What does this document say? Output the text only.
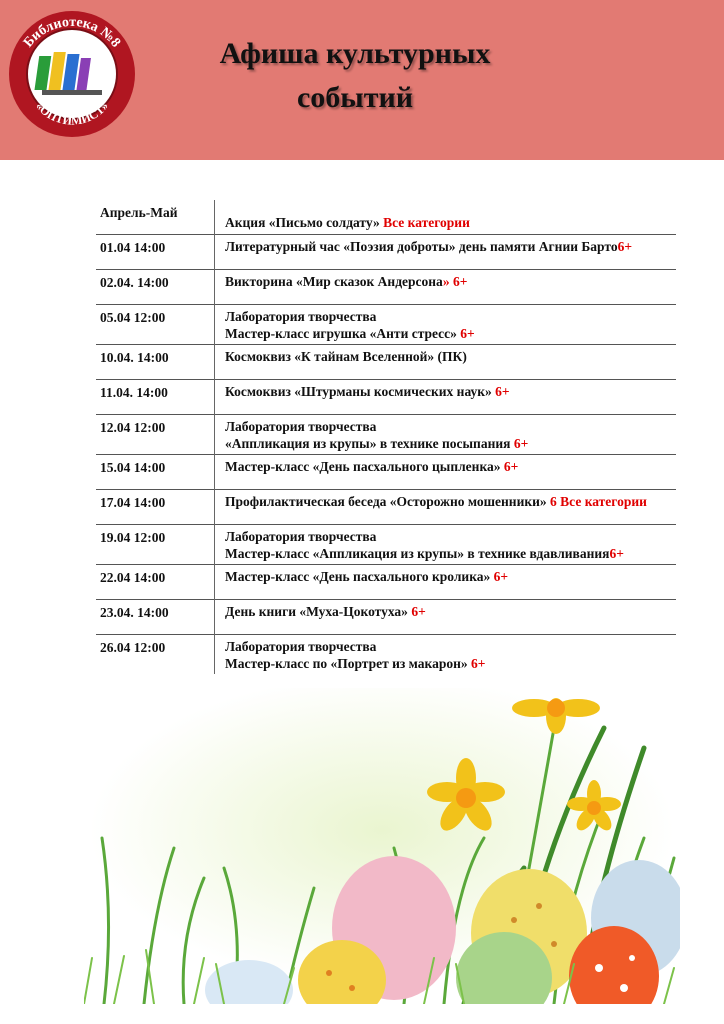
Библиотека №8
«ОПТИМИСТ»
Афиша культурных
событий
Апрель-Май	Акция «Письмо солдату» Все категории
01.04 14:00	Литературный час «Поэзия доброты» день памяти Агнии Барто6+
02.04. 14:00	Викторина «Мир сказок Андерсона» 6+
05.04 12:00	Лаборатория творчества
Мастер-класс игрушка «Анти стресс» 6+
10.04. 14:00	Космоквиз «К тайнам Вселенной» (ПК)
11.04. 14:00	Космоквиз «Штурманы космических наук» 6+
12.04 12:00	Лаборатория творчества
«Аппликация из крупы» в технике посыпания 6+
15.04 14:00	Мастер-класс «День пасхального цыпленка» 6+
17.04 14:00	Профилактическая беседа «Осторожно мошенники» 6 Все категории
19.04 12:00	Лаборатория творчества
Мастер-класс «Аппликация из крупы» в технике вдавливания6+
22.04 14:00	Мастер-класс «День пасхального кролика» 6+
23.04. 14:00	День книги «Муха-Цокотуха» 6+
26.04 12:00	Лаборатория творчества
Мастер-класс по «Портрет из макарон» 6+
